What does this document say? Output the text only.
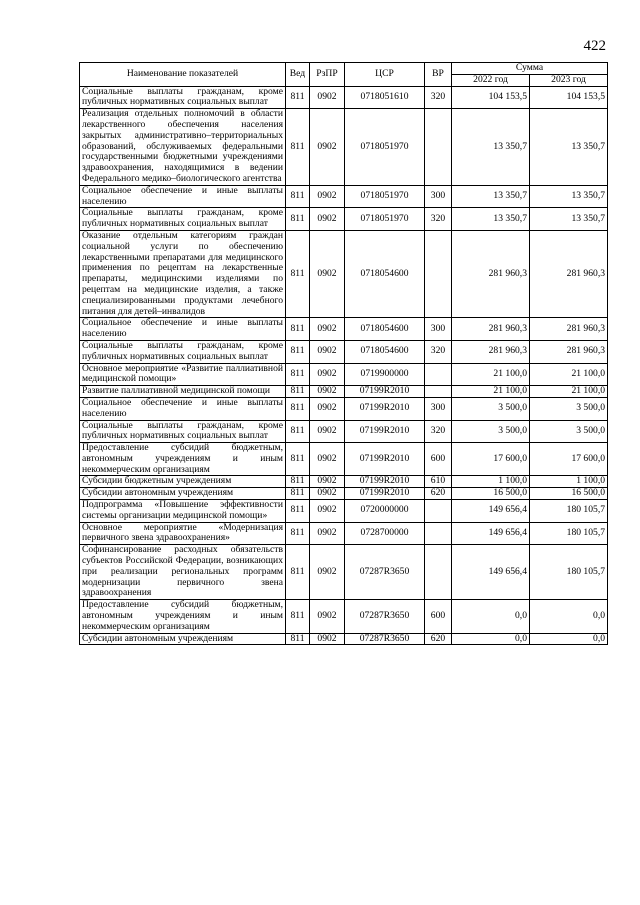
422
Наименование показателей	Вед	РзПР	ЦСР	ВР	Сумма	
					2022 год	2023 год
Социальные выплаты гражданам, кроме публичных нормативных социальных выплат	811	0902	0718051610	320	104 153,5	104 153,5
Реализация отдельных полномочий в области лекарственного обеспечения населения закрытых административно–территориальных образований, обслуживаемых федеральными государственными бюджетными учреждениями здравоохранения, находящимися в ведении Федерального медико–биологического агентства	811	0902	0718051970		13 350,7	13 350,7
Социальное обеспечение и иные выплаты населению	811	0902	0718051970	300	13 350,7	13 350,7
Социальные выплаты гражданам, кроме публичных нормативных социальных выплат	811	0902	0718051970	320	13 350,7	13 350,7
Оказание отдельным категориям граждан социальной услуги по обеспечению лекарственными препаратами для медицинского применения по рецептам на лекарственные препараты, медицинскими изделиями по рецептам на медицинские изделия, а также специализированными продуктами лечебного питания для детей–инвалидов	811	0902	0718054600		281 960,3	281 960,3
Социальное обеспечение и иные выплаты населению	811	0902	0718054600	300	281 960,3	281 960,3
Социальные выплаты гражданам, кроме публичных нормативных социальных выплат	811	0902	0718054600	320	281 960,3	281 960,3
Основное мероприятие «Развитие паллиативной медицинской помощи»	811	0902	0719900000		21 100,0	21 100,0
Развитие паллиативной медицинской помощи	811	0902	07199R2010		21 100,0	21 100,0
Социальное обеспечение и иные выплаты населению	811	0902	07199R2010	300	3 500,0	3 500,0
Социальные выплаты гражданам, кроме публичных нормативных социальных выплат	811	0902	07199R2010	320	3 500,0	3 500,0
Предоставление субсидий бюджетным, автономным учреждениям и иным некоммерческим организациям	811	0902	07199R2010	600	17 600,0	17 600,0
Субсидии бюджетным учреждениям	811	0902	07199R2010	610	1 100,0	1 100,0
Субсидии автономным учреждениям	811	0902	07199R2010	620	16 500,0	16 500,0
Подпрограмма «Повышение эффективности системы организации медицинской помощи»	811	0902	0720000000		149 656,4	180 105,7
Основное мероприятие «Модернизация первичного звена здравоохранения»	811	0902	0728700000		149 656,4	180 105,7
Софинансирование расходных обязательств субъектов Российской Федерации, возникающих при реализации региональных программ модернизации первичного звена здравоохранения	811	0902	07287R3650		149 656,4	180 105,7
Предоставление субсидий бюджетным, автономным учреждениям и иным некоммерческим организациям	811	0902	07287R3650	600	0,0	0,0
Субсидии автономным учреждениям	811	0902	07287R3650	620	0,0	0,0
